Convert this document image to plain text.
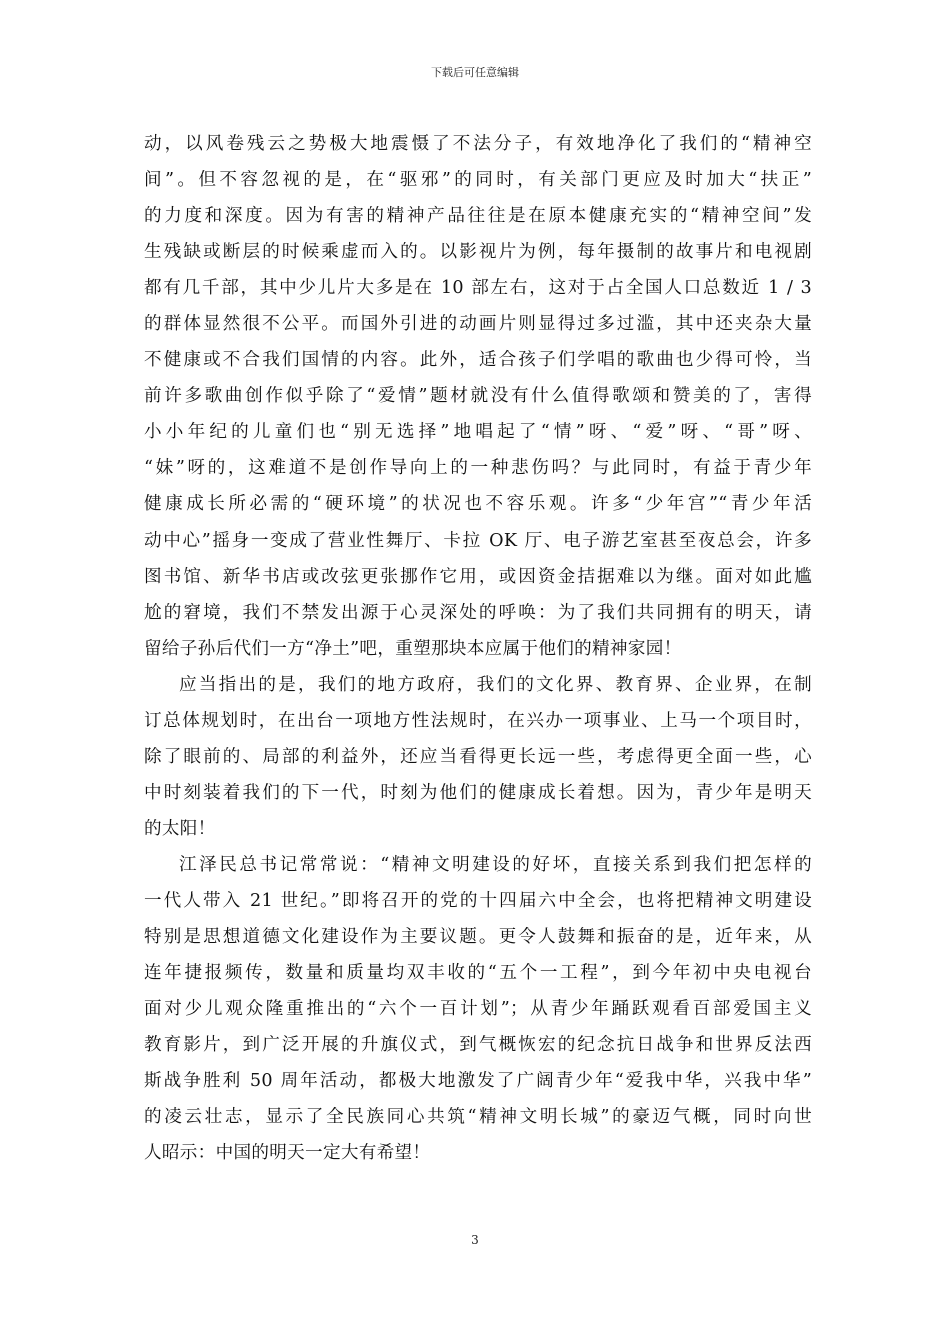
下载后可任意编辑
动，以风卷残云之势极大地震慑了不法分子，有效地净化了我们的“精神空
间”。但不容忽视的是，在“驱邪”的同时，有关部门更应及时加大“扶正”
的力度和深度。因为有害的精神产品往往是在原本健康充实的“精神空间”发
生残缺或断层的时候乘虚而入的。以影视片为例，每年摄制的故事片和电视剧
都有几千部，其中少儿片大多是在 10 部左右，这对于占全国人口总数近 1 / 3
的群体显然很不公平。而国外引进的动画片则显得过多过滥，其中还夹杂大量
不健康或不合我们国情的内容。此外，适合孩子们学唱的歌曲也少得可怜，当
前许多歌曲创作似乎除了“爱情”题材就没有什么值得歌颂和赞美的了，害得
小小年纪的儿童们也“别无选择”地唱起了“情”呀、“爱”呀、“哥”呀、
“妹”呀的，这难道不是创作导向上的一种悲伤吗？与此同时，有益于青少年
健康成长所必需的“硬环境”的状况也不容乐观。许多“少年宫”“青少年活
动中心”摇身一变成了营业性舞厅、卡拉 OK 厅、电子游艺室甚至夜总会，许多
图书馆、新华书店或改弦更张挪作它用，或因资金拮据难以为继。面对如此尴
尬的窘境，我们不禁发出源于心灵深处的呼唤：为了我们共同拥有的明天，请
留给子孙后代们一方“净土”吧，重塑那块本应属于他们的精神家园！
应当指出的是，我们的地方政府，我们的文化界、教育界、企业界，在制
订总体规划时，在出台一项地方性法规时，在兴办一项事业、上马一个项目时，
除了眼前的、局部的利益外，还应当看得更长远一些，考虑得更全面一些，心
中时刻装着我们的下一代，时刻为他们的健康成长着想。因为，青少年是明天
的太阳！
江泽民总书记常常说：“精神文明建设的好坏，直接关系到我们把怎样的
一代人带入 21 世纪。”即将召开的党的十四届六中全会，也将把精神文明建设
特别是思想道德文化建设作为主要议题。更令人鼓舞和振奋的是，近年来，从
连年捷报频传，数量和质量均双丰收的“五个一工程”，到今年初中央电视台
面对少儿观众隆重推出的“六个一百计划”；从青少年踊跃观看百部爱国主义
教育影片，到广泛开展的升旗仪式，到气概恢宏的纪念抗日战争和世界反法西
斯战争胜利 50 周年活动，都极大地激发了广阔青少年“爱我中华，兴我中华”
的凌云壮志，显示了全民族同心共筑“精神文明长城”的豪迈气概，同时向世
人昭示：中国的明天一定大有希望！
3
